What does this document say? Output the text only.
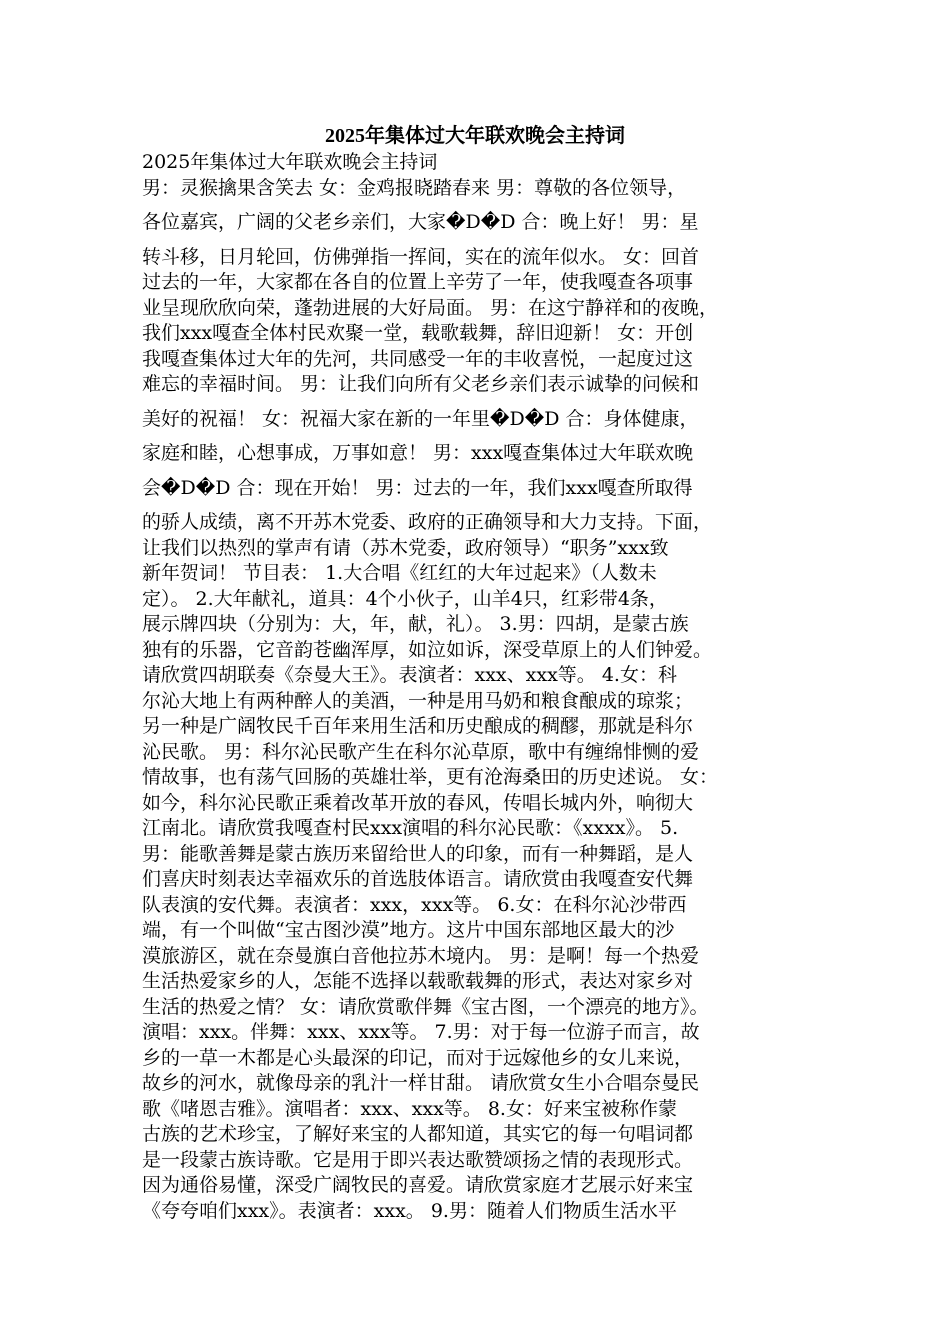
2025年集体过大年联欢晚会主持词
2025年集体过大年联欢晚会主持词
男：灵猴擒果含笑去 女：金鸡报晓踏春来 男：尊敬的各位领导，
各位嘉宾，广阔的父老乡亲们，大家�D�D 合：晚上好！ 男：星
转斗移，日月轮回，仿佛弹指一挥间，实在的流年似水。 女：回首
过去的一年，大家都在各自的位置上辛劳了一年，使我嘎查各项事
业呈现欣欣向荣，蓬勃进展的大好局面。 男：在这宁静祥和的夜晚，
我们xxx嘎查全体村民欢聚一堂，载歌载舞，辞旧迎新！ 女：开创
我嘎查集体过大年的先河，共同感受一年的丰收喜悦，一起度过这
难忘的幸福时间。 男：让我们向所有父老乡亲们表示诚挚的问候和
美好的祝福！ 女：祝福大家在新的一年里�D�D 合：身体健康，
家庭和睦，心想事成，万事如意！ 男：xxx嘎查集体过大年联欢晚
会�D�D 合：现在开始！ 男：过去的一年，我们xxx嘎查所取得
的骄人成绩，离不开苏木党委、政府的正确领导和大力支持。下面，
让我们以热烈的掌声有请（苏木党委，政府领导）“职务”xxx致
新年贺词！ 节目表： 1.大合唱《红红的大年过起来》（人数未
定）。 2.大年献礼，道具：4个小伙子，山羊4只，红彩带4条，
展示牌四块（分别为：大，年，献，礼）。 3.男：四胡，是蒙古族
独有的乐器，它音韵苍幽浑厚，如泣如诉，深受草原上的人们钟爱。
请欣赏四胡联奏《奈曼大王》。表演者：xxx、xxx等。 4.女：科
尔沁大地上有两种醉人的美酒，一种是用马奶和粮食酿成的琼浆；
另一种是广阔牧民千百年来用生活和历史酿成的稠醪，那就是科尔
沁民歌。 男：科尔沁民歌产生在科尔沁草原，歌中有缠绵悱恻的爱
情故事，也有荡气回肠的英雄壮举，更有沧海桑田的历史述说。 女：
如今，科尔沁民歌正乘着改革开放的春风，传唱长城内外，响彻大
江南北。请欣赏我嘎查村民xxx演唱的科尔沁民歌：《xxxx》。 5.
男：能歌善舞是蒙古族历来留给世人的印象，而有一种舞蹈，是人
们喜庆时刻表达幸福欢乐的首选肢体语言。请欣赏由我嘎查安代舞
队表演的安代舞。表演者：xxx，xxx等。 6.女：在科尔沁沙带西
端，有一个叫做“宝古图沙漠”地方。这片中国东部地区最大的沙
漠旅游区，就在奈曼旗白音他拉苏木境内。 男：是啊！每一个热爱
生活热爱家乡的人，怎能不选择以载歌载舞的形式，表达对家乡对
生活的热爱之情？ 女：请欣赏歌伴舞《宝古图，一个漂亮的地方》。
演唱：xxx。伴舞：xxx、xxx等。 7.男：对于每一位游子而言，故
乡的一草一木都是心头最深的印记，而对于远嫁他乡的女儿来说，
故乡的河水，就像母亲的乳汁一样甘甜。 请欣赏女生小合唱奈曼民
歌《啫恩吉雅》。演唱者：xxx、xxx等。 8.女：好来宝被称作蒙
古族的艺术珍宝，了解好来宝的人都知道，其实它的每一句唱词都
是一段蒙古族诗歌。它是用于即兴表达歌赞颂扬之情的表现形式。
因为通俗易懂，深受广阔牧民的喜爱。请欣赏家庭才艺展示好来宝
《夸夸咱们xxx》。表演者：xxx。 9.男：随着人们物质生活水平
